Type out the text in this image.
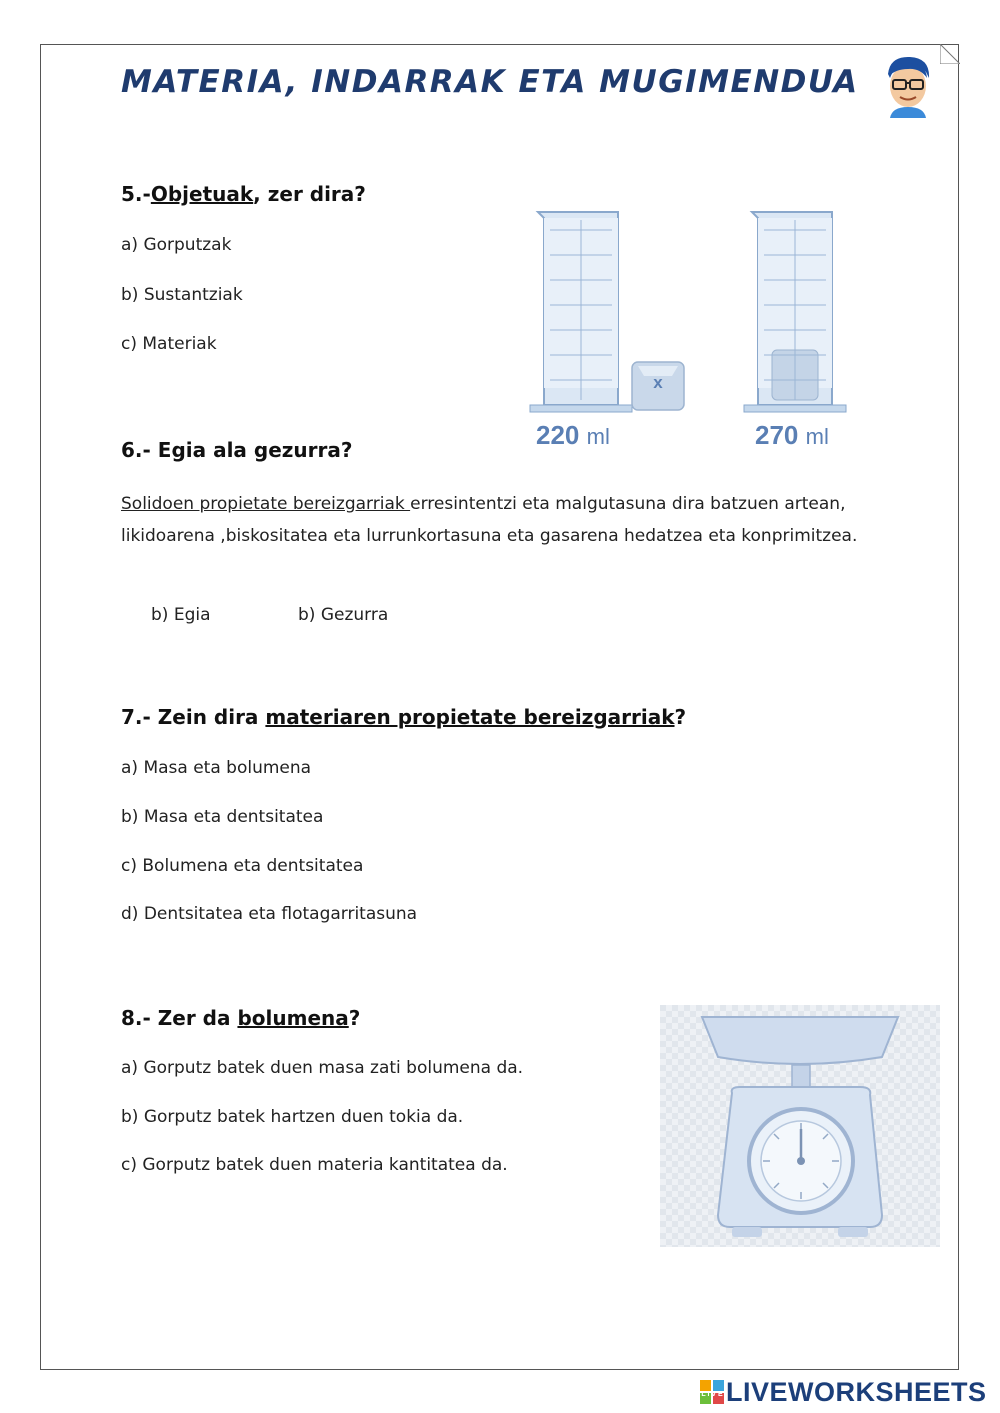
MATERIA, INDARRAK ETA MUGIMENDUA
5.-Objetuak, zer dira?
a) Gorputzak
b) Sustantziak
c) Materiak
x
220 ml	270 ml
6.- Egia ala gezurra?
Solidoen propietate bereizgarriak erresintentzi eta malgutasuna dira batzuen artean, likidoarena ,biskositatea eta lurrunkortasuna eta gasarena hedatzea eta konprimitzea.
b) Egia	b) Gezurra
7.- Zein dira materiaren propietate bereizgarriak?
a) Masa eta bolumena
b) Masa eta dentsitatea
c) Bolumena eta dentsitatea
d) Dentsitatea eta flotagarritasuna
8.- Zer da bolumena?
a) Gorputz batek duen masa zati bolumena da.
b) Gorputz batek hartzen duen tokia da.
c) Gorputz batek duen materia kantitatea da.
L I V E LIVEWORKSHEETS
